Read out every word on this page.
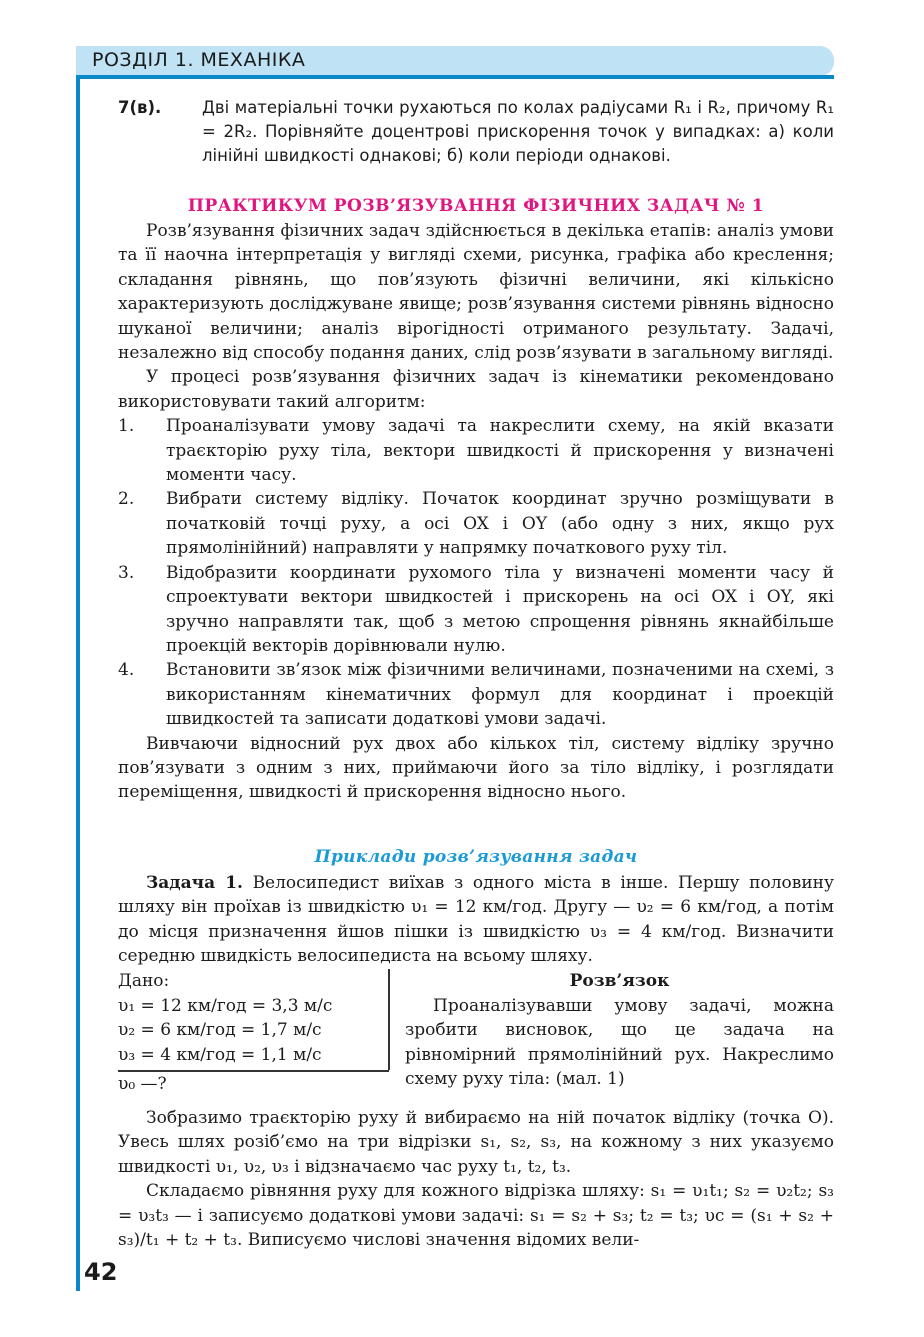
РОЗДІЛ 1. МЕХАНІКА
7(в). Дві матеріальні точки рухаються по колах радіусами R₁ і R₂, причому R₁ = 2R₂. Порівняйте доцентрові прискорення точок у випадках: а) коли лінійні швидкості однакові; б) коли періоди однакові.
ПРАКТИКУМ РОЗВ’ЯЗУВАННЯ ФІЗИЧНИХ ЗАДАЧ № 1

Розв’язування фізичних задач здійснюється в декілька етапів: аналіз умови та її наочна інтерпретація у вигляді схеми, рисунка, графіка або креслення; складання рівнянь, що пов’язують фізичні величини, які кількісно характеризують досліджуване явище; розв’язування системи рівнянь відносно шуканої величини; аналіз вірогідності отриманого результату. Задачі, незалежно від способу подання даних, слід розв’язувати в загальному вигляді.

У процесі розв’язування фізичних задач із кінематики рекомендовано використовувати такий алгоритм:

1. Проаналізувати умову задачі та накреслити схему, на якій вказати траєкторію руху тіла, вектори швидкості й прискорення у визначені моменти часу.
2. Вибрати систему відліку. Початок координат зручно розміщувати в початковій точці руху, а осі OX і OY (або одну з них, якщо рух прямолінійний) направляти у напрямку початкового руху тіл.
3. Відобразити координати рухомого тіла у визначені моменти часу й спроектувати вектори швидкостей і прискорень на осі OX і OY, які зручно направляти так, щоб з метою спрощення рівнянь якнайбільше проекцій векторів дорівнювали нулю.
4. Встановити зв’язок між фізичними величинами, позначеними на схемі, з використанням кінематичних формул для координат і проекцій швидкостей та записати додаткові умови задачі.

Вивчаючи відносний рух двох або кількох тіл, систему відліку зручно пов’язувати з одним з них, приймаючи його за тіло відліку, і розглядати переміщення, швидкості й прискорення відносно нього.

Приклади розв’язування задач

Задача 1. Велосипедист виїхав з одного міста в інше. Першу половину шляху він проїхав із швидкістю υ₁ = 12 км/год. Другу — υ₂ = 6 км/год, а потім до місця призначення йшов пішки із швидкістю υ₃ = 4 км/год. Визначити середню швидкість велосипедиста на всьому шляху.

Дано:
υ₁ = 12 км/год = 3,3 м/с
υ₂ = 6 км/год = 1,7 м/с
υ₃ = 4 км/год = 1,1 м/с
υ₀ —?
Розв’язок
Проаналізувавши умову задачі, можна зробити висновок, що це задача на рівномірний прямолінійний рух. Накреслимо схему руху тіла: (мал. 1)

Зобразимо траєкторію руху й вибираємо на ній початок відліку (точка O). Увесь шлях розіб’ємо на три відрізки s₁, s₂, s₃, на кожному з них указуємо швидкості υ₁, υ₂, υ₃ і відзначаємо час руху t₁, t₂, t₃.

Складаємо рівняння руху для кожного відрізка шляху: s₁ = υ₁t₁; s₂ = υ₂t₂; s₃ = υ₃t₃ — і записуємо додаткові умови задачі: s₁ = s₂ + s₃; t₂ = t₃; υс = (s₁ + s₂ + s₃)/t₁ + t₂ + t₃. Виписуємо числові значення відомих вели-

42
